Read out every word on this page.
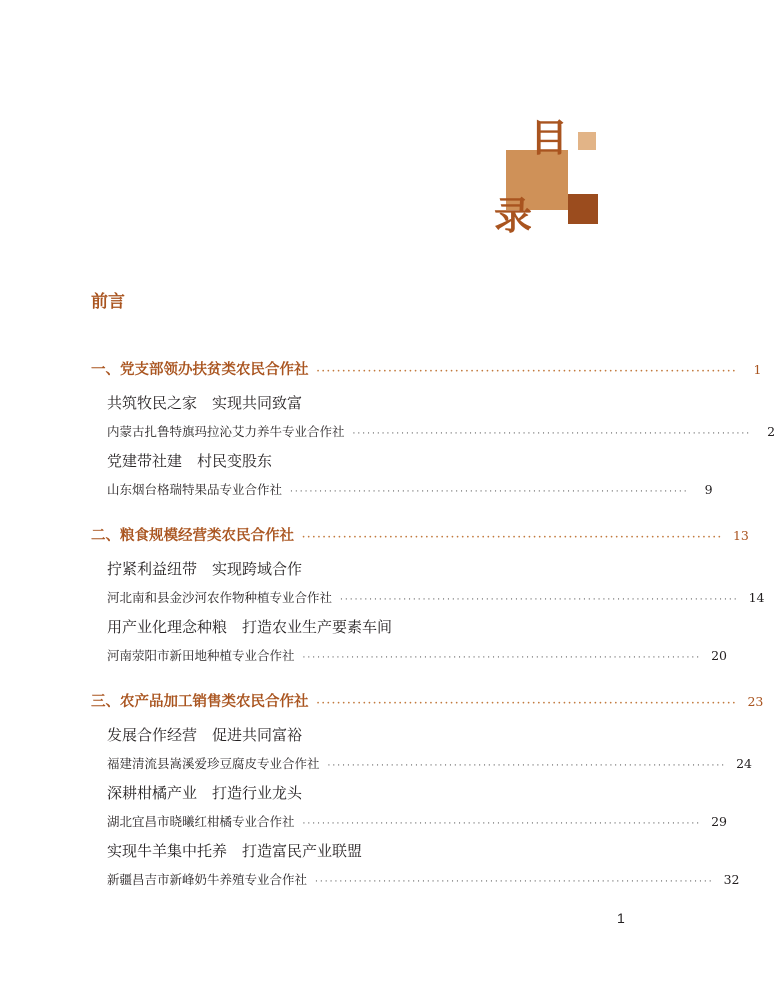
目
录
前言
一、党支部领办扶贫类农民合作社 ··················································································	1
共筑牧民之家　实现共同致富
内蒙古扎鲁特旗玛拉沁艾力养牛专业合作社 ··················································································	2
党建带社建　村民变股东
山东烟台格瑞特果品专业合作社 ··················································································	9
二、粮食规模经营类农民合作社 ·················································································· 13
拧紧利益纽带　实现跨域合作
河北南和县金沙河农作物种植专业合作社 ·················································································· 14
用产业化理念种粮　打造农业生产要素车间
河南荥阳市新田地种植专业合作社 ·················································································· 20
三、农产品加工销售类农民合作社 ·················································································· 23
发展合作经营　促进共同富裕
福建清流县嵩溪爱珍豆腐皮专业合作社 ·················································································· 24
深耕柑橘产业　打造行业龙头
湖北宜昌市晓曦红柑橘专业合作社 ·················································································· 29
实现牛羊集中托养　打造富民产业联盟
新疆昌吉市新峰奶牛养殖专业合作社 ·················································································· 32
1
